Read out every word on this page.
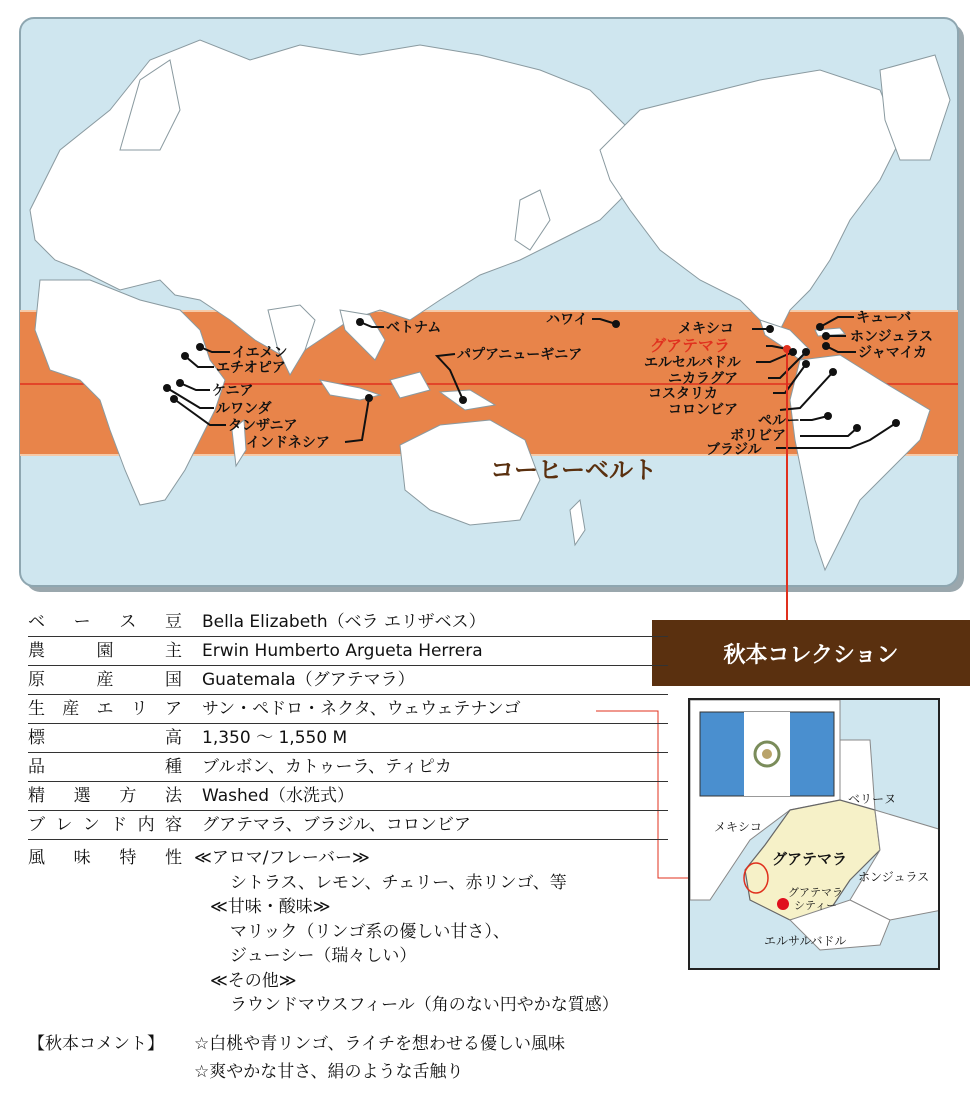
コーヒーベルト
イエメン
エチオピア
ケニア
ルワンダ
タンザニア
インドネシア
ベトナム
パプアニューギニア
ハワイ
メキシコ
グアテマラ
エルセルバドル
ニカラグア
コスタリカ
コロンビア
キューバ
ホンジュラス
ジャマイカ
ペルー
ボリビア
ブラジル
秋本コレクション
ベ ー ス 豆	Bella Elizabeth（ベラ エリザベス）
農	園	主	Erwin Humberto Argueta Herrera
原	産	国	Guatemala（グアテマラ）
生 産 エ リ ア	サン・ペドロ・ネクタ、ウェウェテナンゴ
標	高	1,350 ～ 1,550 M
品	種	ブルボン、カトゥーラ、ティピカ
精 選 方 法	Washed（水洗式）
ブ レ ン ド 内 容	グアテマラ、ブラジル、コロンビア
風 味 特 性 ≪アロマ/フレーバー≫
シトラス、レモン、チェリー、赤リンゴ、等
≪甘味・酸味≫
マリック（リンゴ系の優しい甘さ）、
ジューシー（瑞々しい）
≪その他≫
ラウンドマウスフィール（角のない円やかな質感）
【秋本コメント】 ☆白桃や青リンゴ、ライチを想わせる優しい風味
☆爽やかな甘さ、絹のような舌触り
ベリーヌ
メキシコ
グアテマラ
ホンジュラス
グアテマラ
シティー
エルサルバドル
